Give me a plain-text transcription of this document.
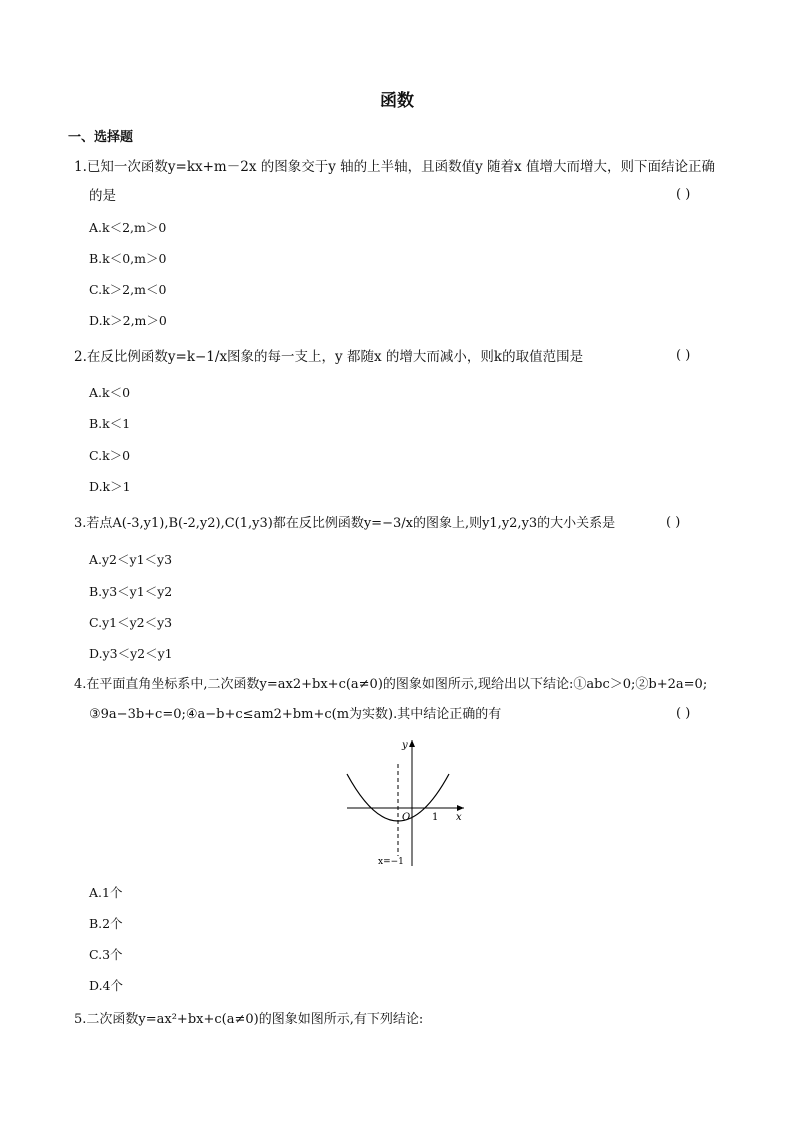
函数
一、选择题
1.已知一次函数y=kx+m－2x 的图象交于y 轴的上半轴，且函数值y 随着x 值增大而增大，则下面结论正确
的是	( )
A.k＜2,m＞0
B.k＜0,m＞0
C.k＞2,m＜0
D.k＞2,m＞0
2.在反比例函数y=k−1/x图象的每一支上，y 都随x 的增大而减小，则k的取值范围是	( )
A.k＜0
B.k＜1
C.k＞0
D.k＞1
3.若点A(-3,y1),B(-2,y2),C(1,y3)都在反比例函数y=−3/x的图象上,则y1,y2,y3的大小关系是	( )
A.y2＜y1＜y3
B.y3＜y1＜y2
C.y1＜y2＜y3
D.y3＜y2＜y1
4.在平面直角坐标系中,二次函数y=ax2+bx+c(a≠0)的图象如图所示,现给出以下结论:①abc＞0;②b+2a=0;
③9a−3b+c=0;④a−b+c≤am2+bm+c(m为实数).其中结论正确的有	( )
y
x
O 1
x=−1
A.1个
B.2个
C.3个
D.4个
5.二次函数y=ax²+bx+c(a≠0)的图象如图所示,有下列结论:
